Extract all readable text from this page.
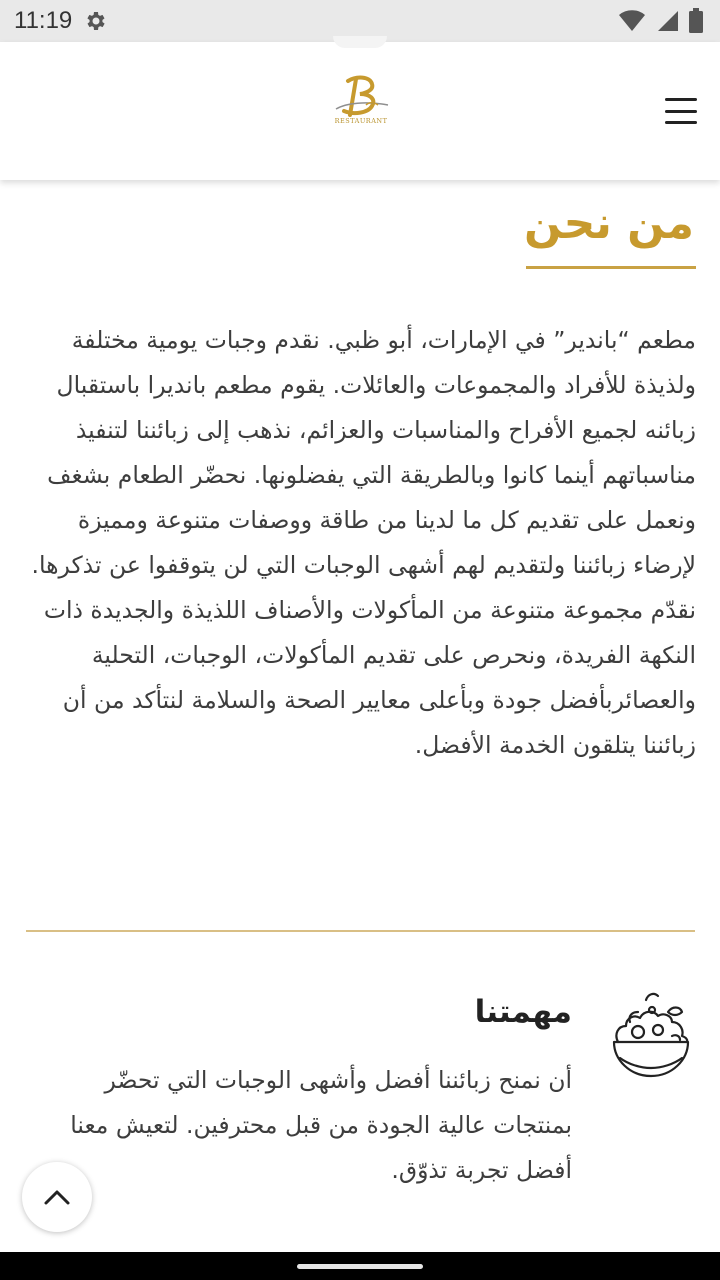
11:19
RESTAURANT
من نحن

مطعم “باندير” في الإمارات، أبو ظبي. نقدم وجبات يومية مختلفة ولذيذة للأفراد والمجموعات والعائلات. يقوم مطعم بانديرا باستقبال زبائنه لجميع الأفراح والمناسبات والعزائم، نذهب إلى زبائننا لتنفيذ مناسباتهم أينما كانوا وبالطريقة التي يفضلونها. نحضّر الطعام بشغف ونعمل على تقديم كل ما لدينا من طاقة ووصفات متنوعة ومميزة لإرضاء زبائننا ولتقديم لهم أشهى الوجبات التي لن يتوقفوا عن تذكرها. نقدّم مجموعة متنوعة من المأكولات والأصناف اللذيذة والجديدة ذات النكهة الفريدة، ونحرص على تقديم المأكولات، الوجبات، التحلية والعصائربأفضل جودة وبأعلى معايير الصحة والسلامة لنتأكد من أن زبائننا يتلقون الخدمة الأفضل.

مهمتنا

أن نمنح زبائننا أفضل وأشهى الوجبات التي تحضّر بمنتجات عالية الجودة من قبل محترفين. لتعيش معنا أفضل تجربة تذوّق.
